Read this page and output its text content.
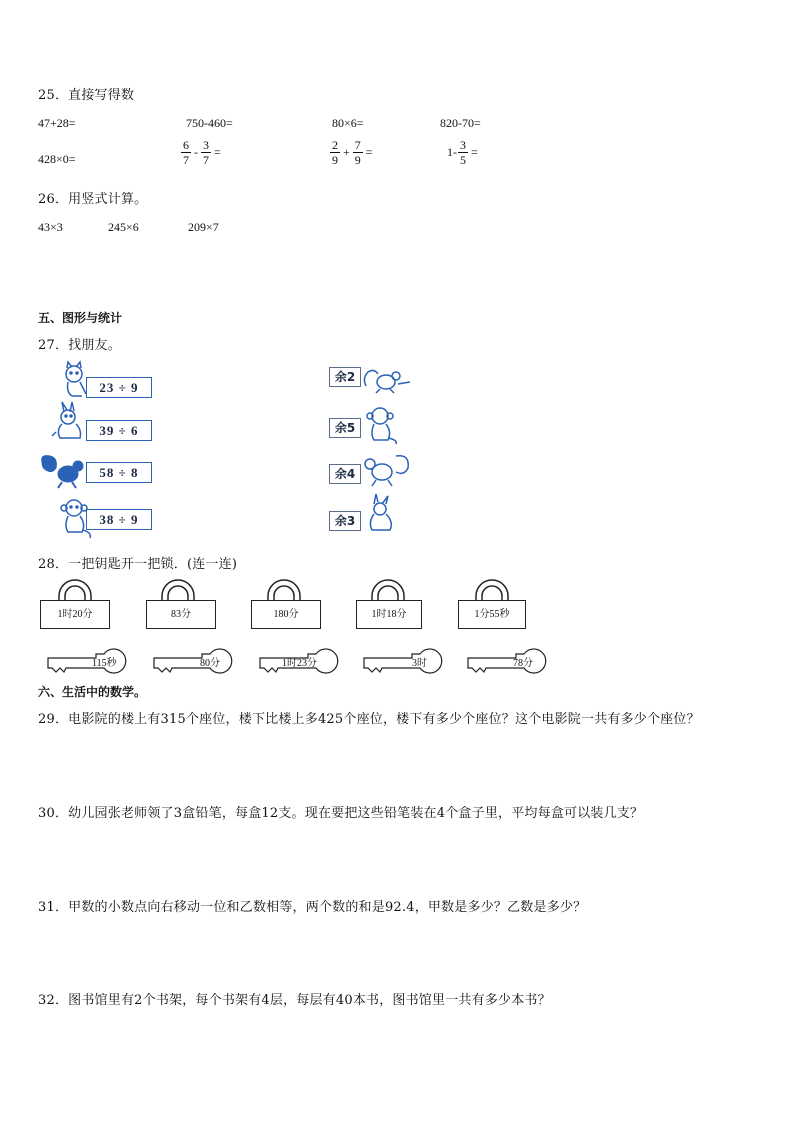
25．直接写得数
47+28=	750-460=	80×6=	820-70=
428×0=	$\frac{6}{7} - \frac{3}{7}$ =	$\frac{2}{9} + \frac{7}{9}$ =	$1- \frac{3}{5}$ =
26．用竖式计算。
43×3	245×6	209×7
五、图形与统计
27．找朋友。
23 ÷ 9
39 ÷ 6
58 ÷ 8
38 ÷ 9
余2
余5
余4
余3
28．一把钥匙开一把锁．(连一连)
1时20分	83分	180分	1时18分	1分55秒
115秒	80分	1时23分	3时	78分
六、生活中的数学。
29．电影院的楼上有315个座位，楼下比楼上多425个座位，楼下有多少个座位？这个电影院一共有多少个座位？
30．幼儿园张老师领了3盒铅笔，每盒12支。现在要把这些铅笔装在4个盒子里，平均每盒可以装几支？
31．甲数的小数点向右移动一位和乙数相等，两个数的和是92.4，甲数是多少？乙数是多少？
32．图书馆里有2个书架，每个书架有4层，每层有40本书，图书馆里一共有多少本书？
